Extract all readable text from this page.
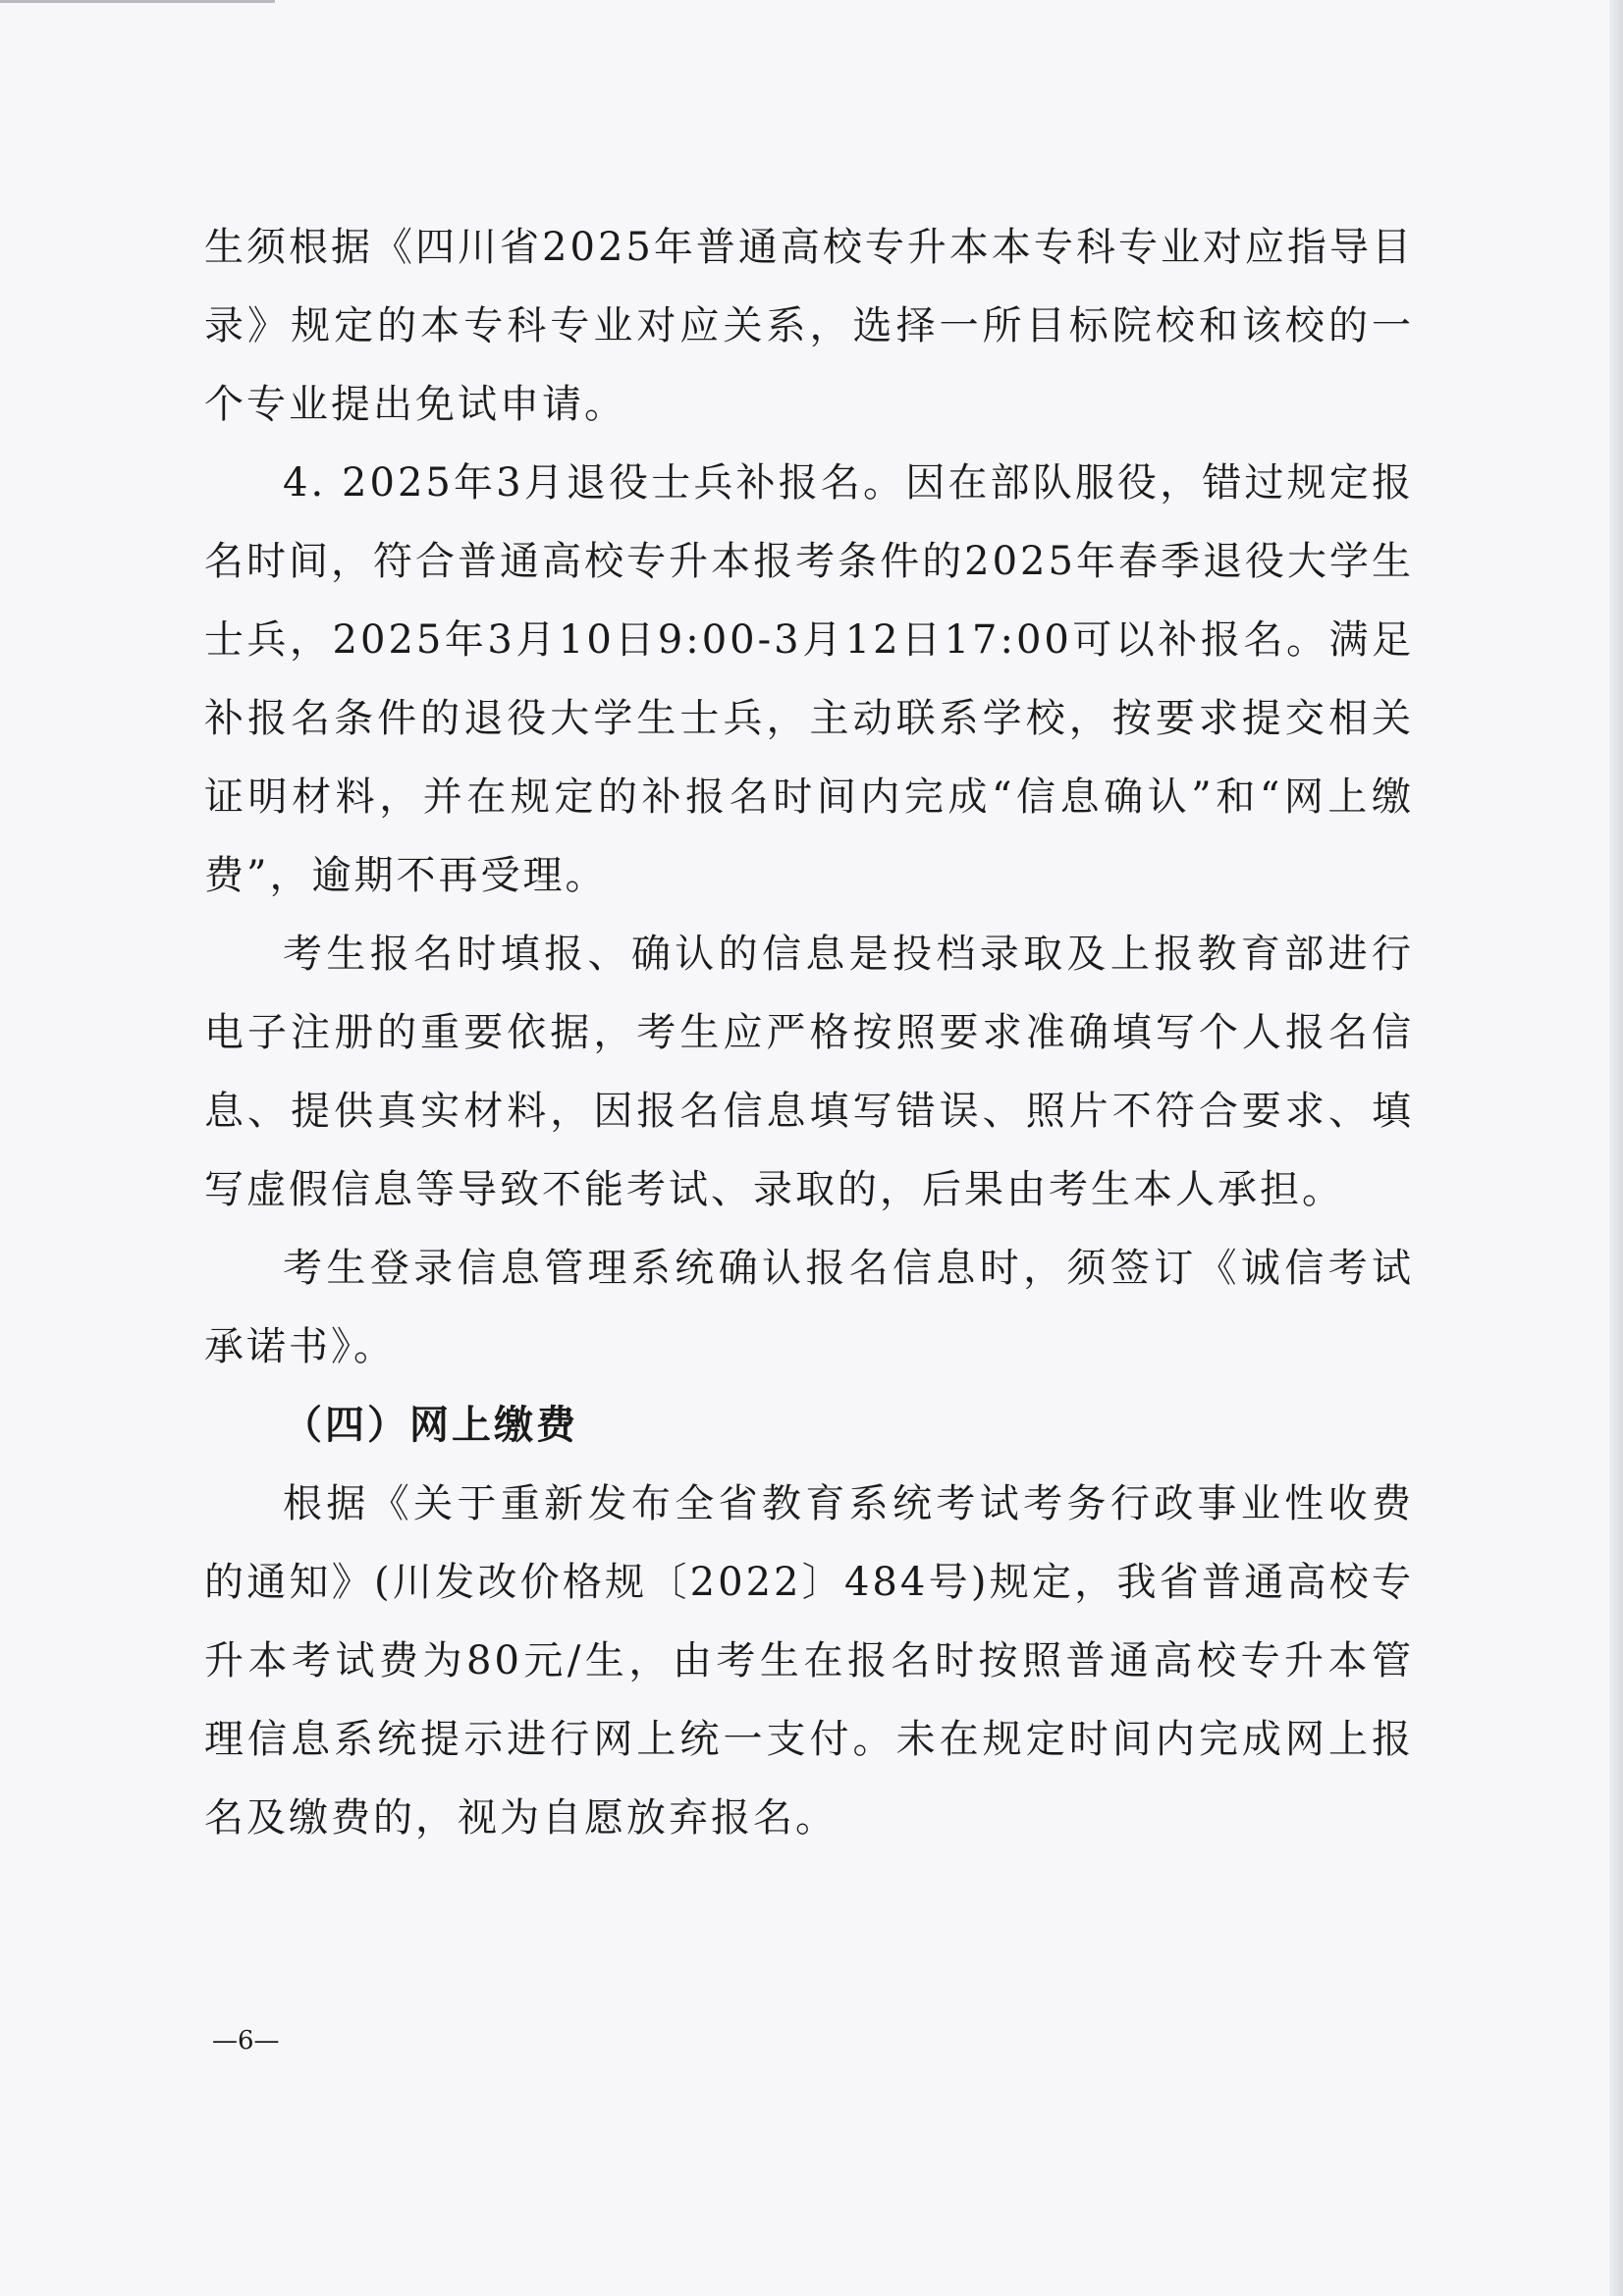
生须根据《四川省2025年普通高校专升本本专科专业对应指导目录》规定的本专科专业对应关系，选择一所目标院校和该校的一个专业提出免试申请。

4. 2025年3月退役士兵补报名。因在部队服役，错过规定报名时间，符合普通高校专升本报考条件的2025年春季退役大学生士兵，2025年3月10日9:00-3月12日17:00可以补报名。满足补报名条件的退役大学生士兵，主动联系学校，按要求提交相关证明材料，并在规定的补报名时间内完成“信息确认”和“网上缴费”，逾期不再受理。

考生报名时填报、确认的信息是投档录取及上报教育部进行电子注册的重要依据，考生应严格按照要求准确填写个人报名信息、提供真实材料，因报名信息填写错误、照片不符合要求、填写虚假信息等导致不能考试、录取的，后果由考生本人承担。

考生登录信息管理系统确认报名信息时，须签订《诚信考试承诺书》。

（四）网上缴费

根据《关于重新发布全省教育系统考试考务行政事业性收费的通知》(川发改价格规〔2022〕484号)规定，我省普通高校专升本考试费为80元/生，由考生在报名时按照普通高校专升本管理信息系统提示进行网上统一支付。未在规定时间内完成网上报名及缴费的，视为自愿放弃报名。

—6—
